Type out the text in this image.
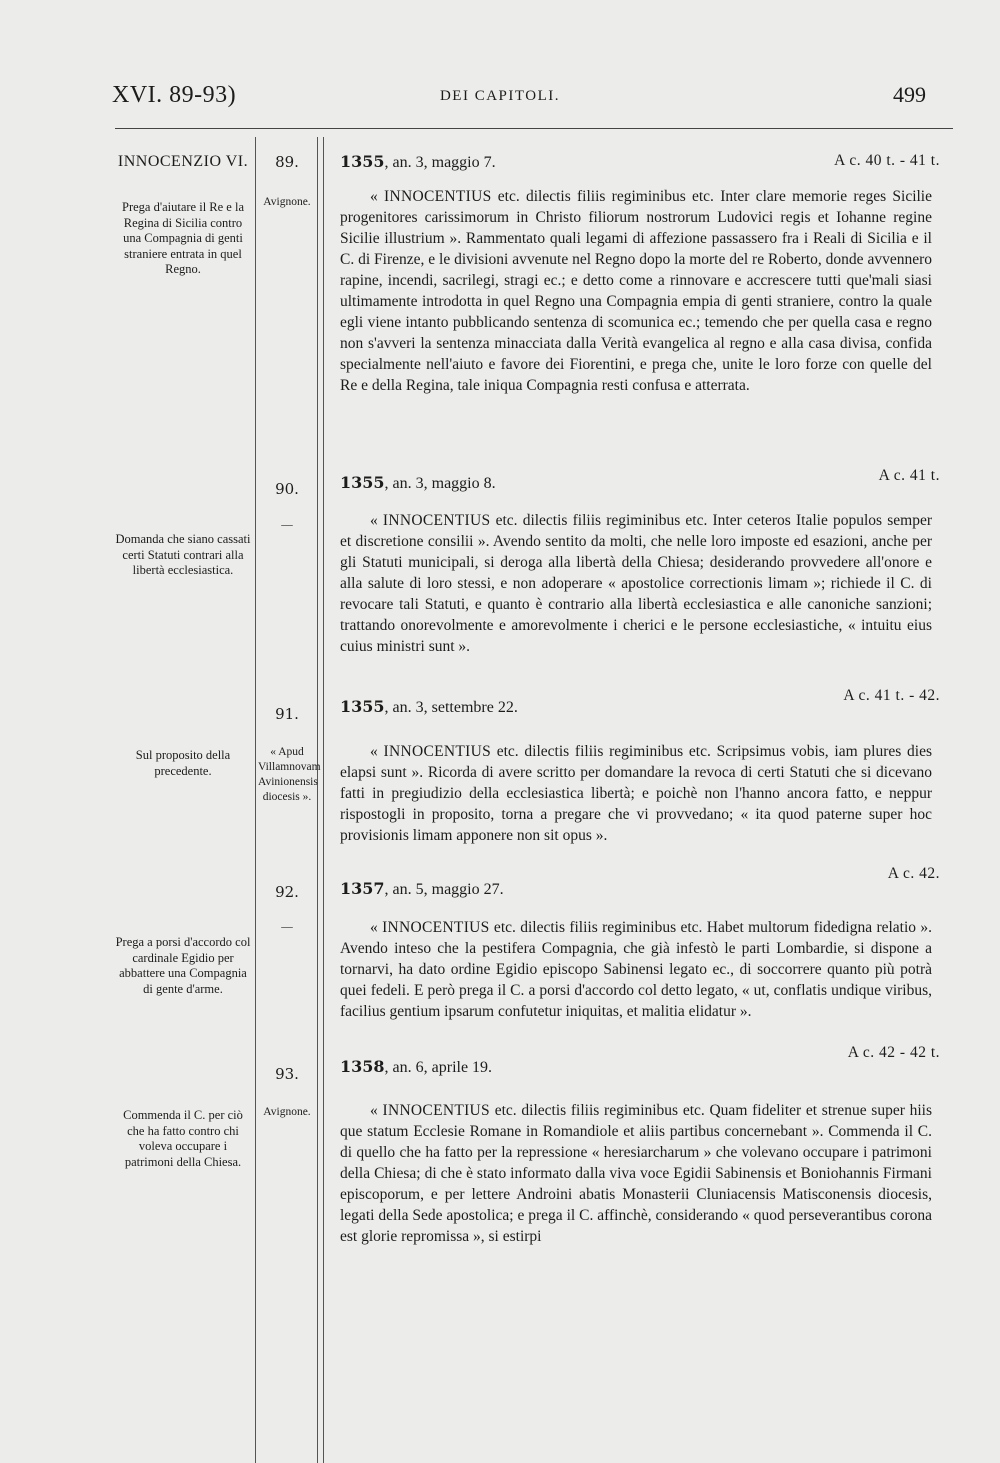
XVI. 89-93)	DEI CAPITOLI.	499
INNOCENZIO VI.
Prega d'aiutare il Re e la Regina di Sicilia contro una Compagnia di genti straniere entrata in quel Regno.
89.
Avignone.
1355, an. 3, maggio 7.	A c. 40 t. - 41 t.
« INNOCENTIUS etc. dilectis filiis regiminibus etc. Inter clare memorie reges Sicilie progenitores carissimorum in Christo filiorum nostrorum Ludovici regis et Iohanne regine Sicilie illustrium ». Rammentato quali legami di affezione passassero fra i Reali di Sicilia e il C. di Firenze, e le divisioni avvenute nel Regno dopo la morte del re Roberto, donde avvennero rapine, incendi, sacrilegi, stragi ec.; e detto come a rinnovare e accrescere tutti que'mali siasi ultimamente introdotta in quel Regno una Compagnia empia di genti straniere, contro la quale egli viene intanto pubblicando sentenza di scomunica ec.; temendo che per quella casa e regno non s'avveri la sentenza minacciata dalla Verità evangelica al regno e alla casa divisa, confida specialmente nell'aiuto e favore dei Fiorentini, e prega che, unite le loro forze con quelle del Re e della Regina, tale iniqua Compagnia resti confusa e atterrata.
Domanda che siano cassati certi Statuti contrari alla libertà ecclesiastica.
90.
—
1355, an. 3, maggio 8.	A c. 41 t.
« INNOCENTIUS etc. dilectis filiis regiminibus etc. Inter ceteros Italie populos semper et discretione consilii ». Avendo sentito da molti, che nelle loro imposte ed esazioni, anche per gli Statuti municipali, si deroga alla libertà della Chiesa; desiderando provvedere all'onore e alla salute di loro stessi, e non adoperare « apostolice correctionis limam »; richiede il C. di revocare tali Statuti, e quanto è contrario alla libertà ecclesiastica e alle canoniche sanzioni; trattando onorevolmente e amorevolmente i cherici e le persone ecclesiastiche, « intuitu eius cuius ministri sunt ».
Sul proposito della precedente.
91.
« Apud Villamnovam Avinionensis diocesis ».
1355, an. 3, settembre 22.
A c. 41 t. - 42.
« INNOCENTIUS etc. dilectis filiis regiminibus etc. Scripsimus vobis, iam plures dies elapsi sunt ». Ricorda di avere scritto per domandare la revoca di certi Statuti che si dicevano fatti in pregiudizio della ecclesiastica libertà; e poichè non l'hanno ancora fatto, e neppur rispostogli in proposito, torna a pregare che vi provvedano; « ita quod paterne super hoc provisionis limam apponere non sit opus ».
Prega a porsi d'accordo col cardinale Egidio per abbattere una Compagnia di gente d'arme.
92.
—
1357, an. 5, maggio 27.
A c. 42.
« INNOCENTIUS etc. dilectis filiis regiminibus etc. Habet multorum fidedigna relatio ». Avendo inteso che la pestifera Compagnia, che già infestò le parti Lombardie, si dispone a tornarvi, ha dato ordine Egidio episcopo Sabinensi legato ec., di soccorrere quanto più potrà quei fedeli. E però prega il C. a porsi d'accordo col detto legato, « ut, conflatis undique viribus, facilius gentium ipsarum confutetur iniquitas, et malitia elidatur ».
Commenda il C. per ciò che ha fatto contro chi voleva occupare i patrimoni della Chiesa.
93.
Avignone.
1358, an. 6, aprile 19.
A c. 42 - 42 t.
« INNOCENTIUS etc. dilectis filiis regiminibus etc. Quam fideliter et strenue super hiis que statum Ecclesie Romane in Romandiole et aliis partibus concernebant ». Commenda il C. di quello che ha fatto per la repressione « heresiarcharum » che volevano occupare i patrimoni della Chiesa; di che è stato informato dalla viva voce Egidii Sabinensis et Boniohannis Firmani episcoporum, e per lettere Androini abatis Monasterii Cluniacensis Matisconensis diocesis, legati della Sede apostolica; e prega il C. affinchè, considerando « quod perseverantibus corona est glorie repromissa », si estirpi
